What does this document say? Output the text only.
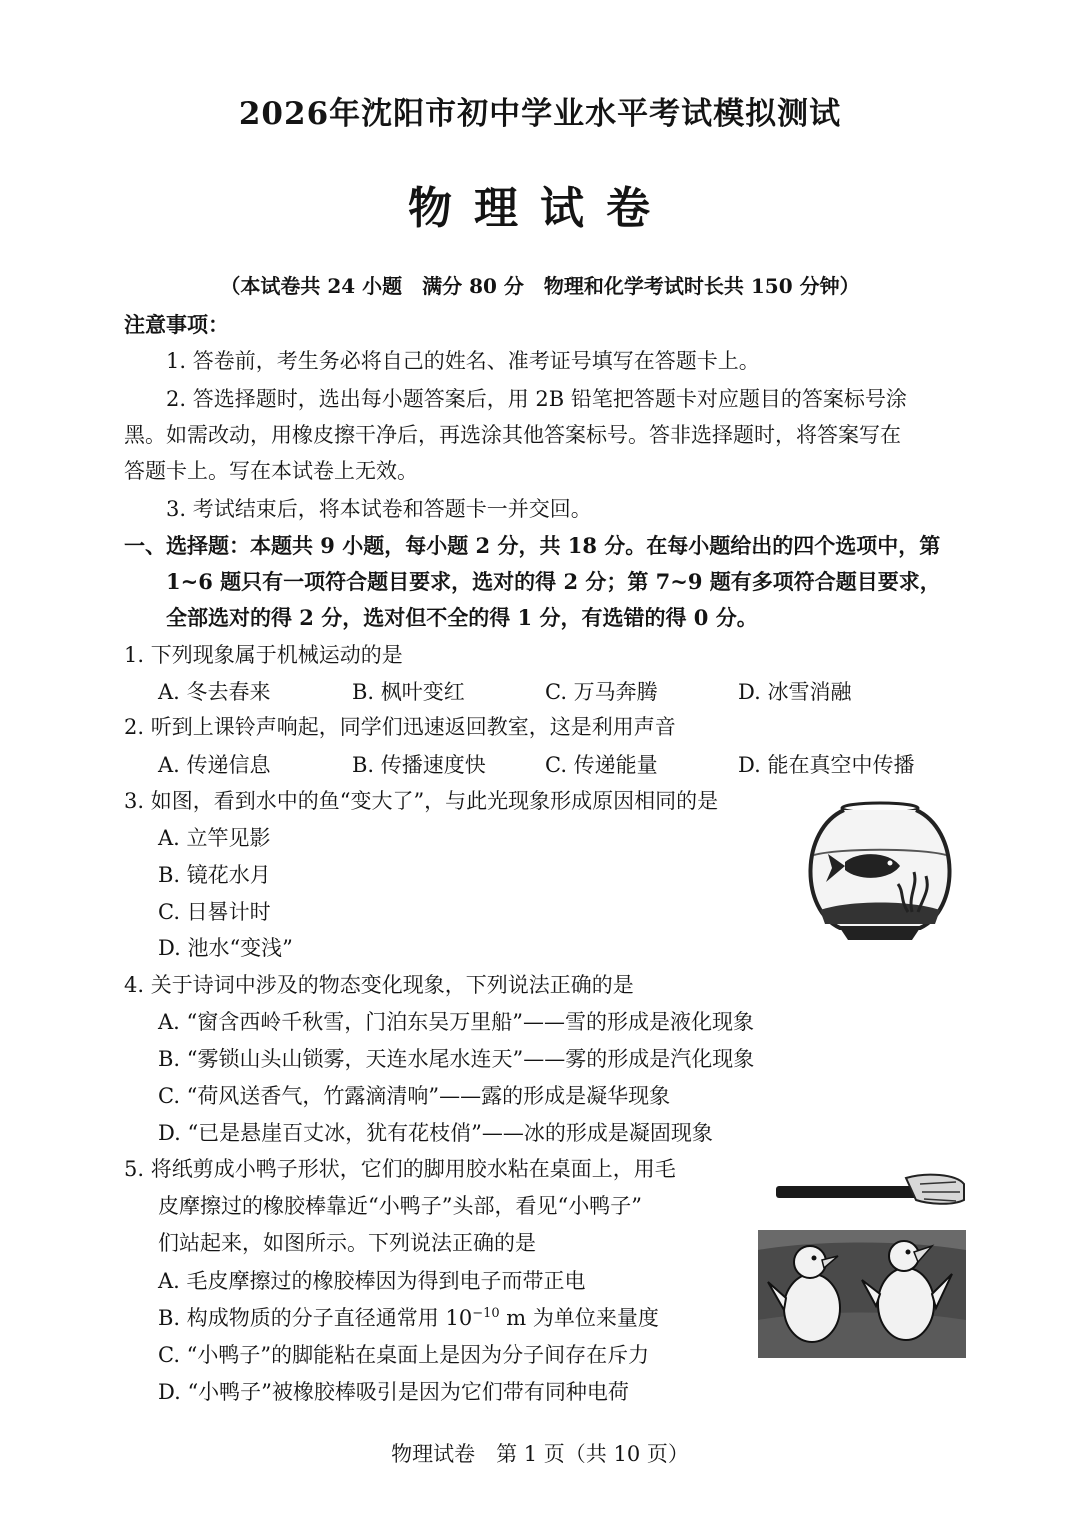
2026年沈阳市初中学业水平考试模拟测试
物理试卷
（本试卷共 24 小题　满分 80 分　物理和化学考试时长共 150 分钟）
注意事项：
1. 答卷前，考生务必将自己的姓名、准考证号填写在答题卡上。
2. 答选择题时，选出每小题答案后，用 2B 铅笔把答题卡对应题目的答案标号涂
黑。如需改动，用橡皮擦干净后，再选涂其他答案标号。答非选择题时，将答案写在
答题卡上。写在本试卷上无效。
3. 考试结束后，将本试卷和答题卡一并交回。
一、选择题：本题共 9 小题，每小题 2 分，共 18 分。在每小题给出的四个选项中，第
1~6 题只有一项符合题目要求，选对的得 2 分；第 7~9 题有多项符合题目要求，
全部选对的得 2 分，选对但不全的得 1 分，有选错的得 0 分。
1. 下列现象属于机械运动的是
A. 冬去春来	B. 枫叶变红	C. 万马奔腾	D. 冰雪消融
2. 听到上课铃声响起，同学们迅速返回教室，这是利用声音
A. 传递信息	B. 传播速度快	C. 传递能量	D. 能在真空中传播
3. 如图，看到水中的鱼“变大了”，与此光现象形成原因相同的是
A. 立竿见影
B. 镜花水月
C. 日晷计时
D. 池水“变浅”
4. 关于诗词中涉及的物态变化现象，下列说法正确的是
A. “窗含西岭千秋雪，门泊东吴万里船”——雪的形成是液化现象
B. “雾锁山头山锁雾，天连水尾水连天”——雾的形成是汽化现象
C. “荷风送香气，竹露滴清响”——露的形成是凝华现象
D. “已是悬崖百丈冰，犹有花枝俏”——冰的形成是凝固现象
5. 将纸剪成小鸭子形状，它们的脚用胶水粘在桌面上，用毛
皮摩擦过的橡胶棒靠近“小鸭子”头部，看见“小鸭子”
们站起来，如图所示。下列说法正确的是
A. 毛皮摩擦过的橡胶棒因为得到电子而带正电
B. 构成物质的分子直径通常用 $10^{-10}$ m 为单位来量度
C. “小鸭子”的脚能粘在桌面上是因为分子间存在斥力
D. “小鸭子”被橡胶棒吸引是因为它们带有同种电荷
物理试卷　第 1 页（共 10 页）
